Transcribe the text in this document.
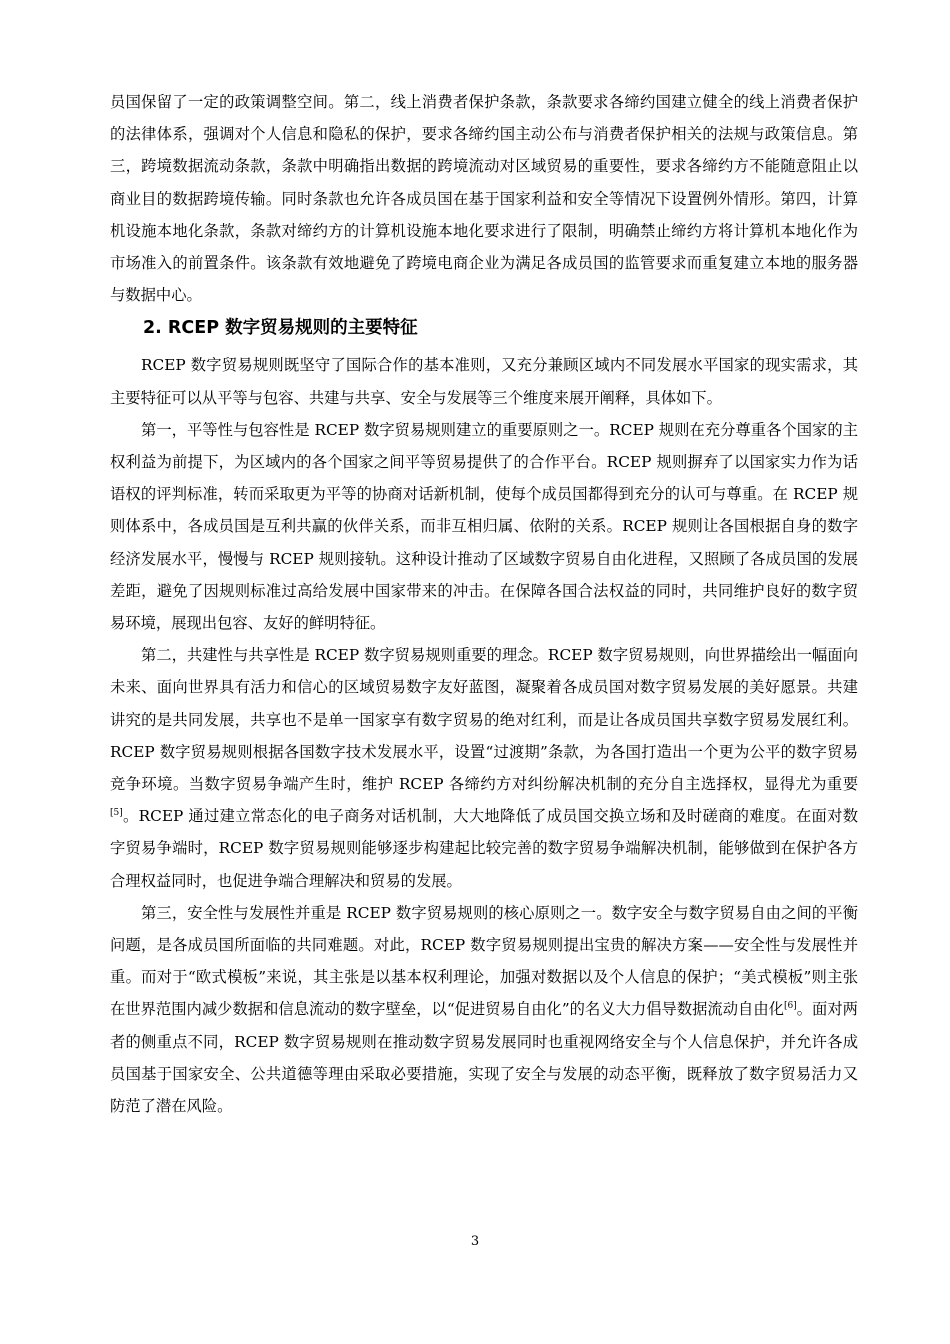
员国保留了一定的政策调整空间。第二，线上消费者保护条款，条款要求各缔约国建立健全的线上消费者保护的法律体系，强调对个人信息和隐私的保护，要求各缔约国主动公布与消费者保护相关的法规与政策信息。第三，跨境数据流动条款，条款中明确指出数据的跨境流动对区域贸易的重要性，要求各缔约方不能随意阻止以商业目的数据跨境传输。同时条款也允许各成员国在基于国家利益和安全等情况下设置例外情形。第四，计算机设施本地化条款，条款对缔约方的计算机设施本地化要求进行了限制，明确禁止缔约方将计算机本地化作为市场准入的前置条件。该条款有效地避免了跨境电商企业为满足各成员国的监管要求而重复建立本地的服务器与数据中心。

2. RCEP 数字贸易规则的主要特征

RCEP 数字贸易规则既坚守了国际合作的基本准则，又充分兼顾区域内不同发展水平国家的现实需求，其主要特征可以从平等与包容、共建与共享、安全与发展等三个维度来展开阐释，具体如下。

第一，平等性与包容性是 RCEP 数字贸易规则建立的重要原则之一。RCEP 规则在充分尊重各个国家的主权利益为前提下，为区域内的各个国家之间平等贸易提供了的合作平台。RCEP 规则摒弃了以国家实力作为话语权的评判标准，转而采取更为平等的协商对话新机制，使每个成员国都得到充分的认可与尊重。在 RCEP 规则体系中，各成员国是互利共赢的伙伴关系，而非互相归属、依附的关系。RCEP 规则让各国根据自身的数字经济发展水平，慢慢与 RCEP 规则接轨。这种设计推动了区域数字贸易自由化进程，又照顾了各成员国的发展差距，避免了因规则标准过高给发展中国家带来的冲击。在保障各国合法权益的同时，共同维护良好的数字贸易环境，展现出包容、友好的鲜明特征。

第二，共建性与共享性是 RCEP 数字贸易规则重要的理念。RCEP 数字贸易规则，向世界描绘出一幅面向未来、面向世界具有活力和信心的区域贸易数字友好蓝图，凝聚着各成员国对数字贸易发展的美好愿景。共建讲究的是共同发展，共享也不是单一国家享有数字贸易的绝对红利，而是让各成员国共享数字贸易发展红利。RCEP 数字贸易规则根据各国数字技术发展水平，设置“过渡期”条款，为各国打造出一个更为公平的数字贸易竞争环境。当数字贸易争端产生时，维护 RCEP 各缔约方对纠纷解决机制的充分自主选择权，显得尤为重要[5]。RCEP 通过建立常态化的电子商务对话机制，大大地降低了成员国交换立场和及时磋商的难度。在面对数字贸易争端时，RCEP 数字贸易规则能够逐步构建起比较完善的数字贸易争端解决机制，能够做到在保护各方合理权益同时，也促进争端合理解决和贸易的发展。

第三，安全性与发展性并重是 RCEP 数字贸易规则的核心原则之一。数字安全与数字贸易自由之间的平衡问题，是各成员国所面临的共同难题。对此，RCEP 数字贸易规则提出宝贵的解决方案——安全性与发展性并重。而对于“欧式模板”来说，其主张是以基本权利理论，加强对数据以及个人信息的保护；“美式模板”则主张在世界范围内减少数据和信息流动的数字壁垒，以“促进贸易自由化”的名义大力倡导数据流动自由化[6]。面对两者的侧重点不同，RCEP 数字贸易规则在推动数字贸易发展同时也重视网络安全与个人信息保护，并允许各成员国基于国家安全、公共道德等理由采取必要措施，实现了安全与发展的动态平衡，既释放了数字贸易活力又防范了潜在风险。

3
